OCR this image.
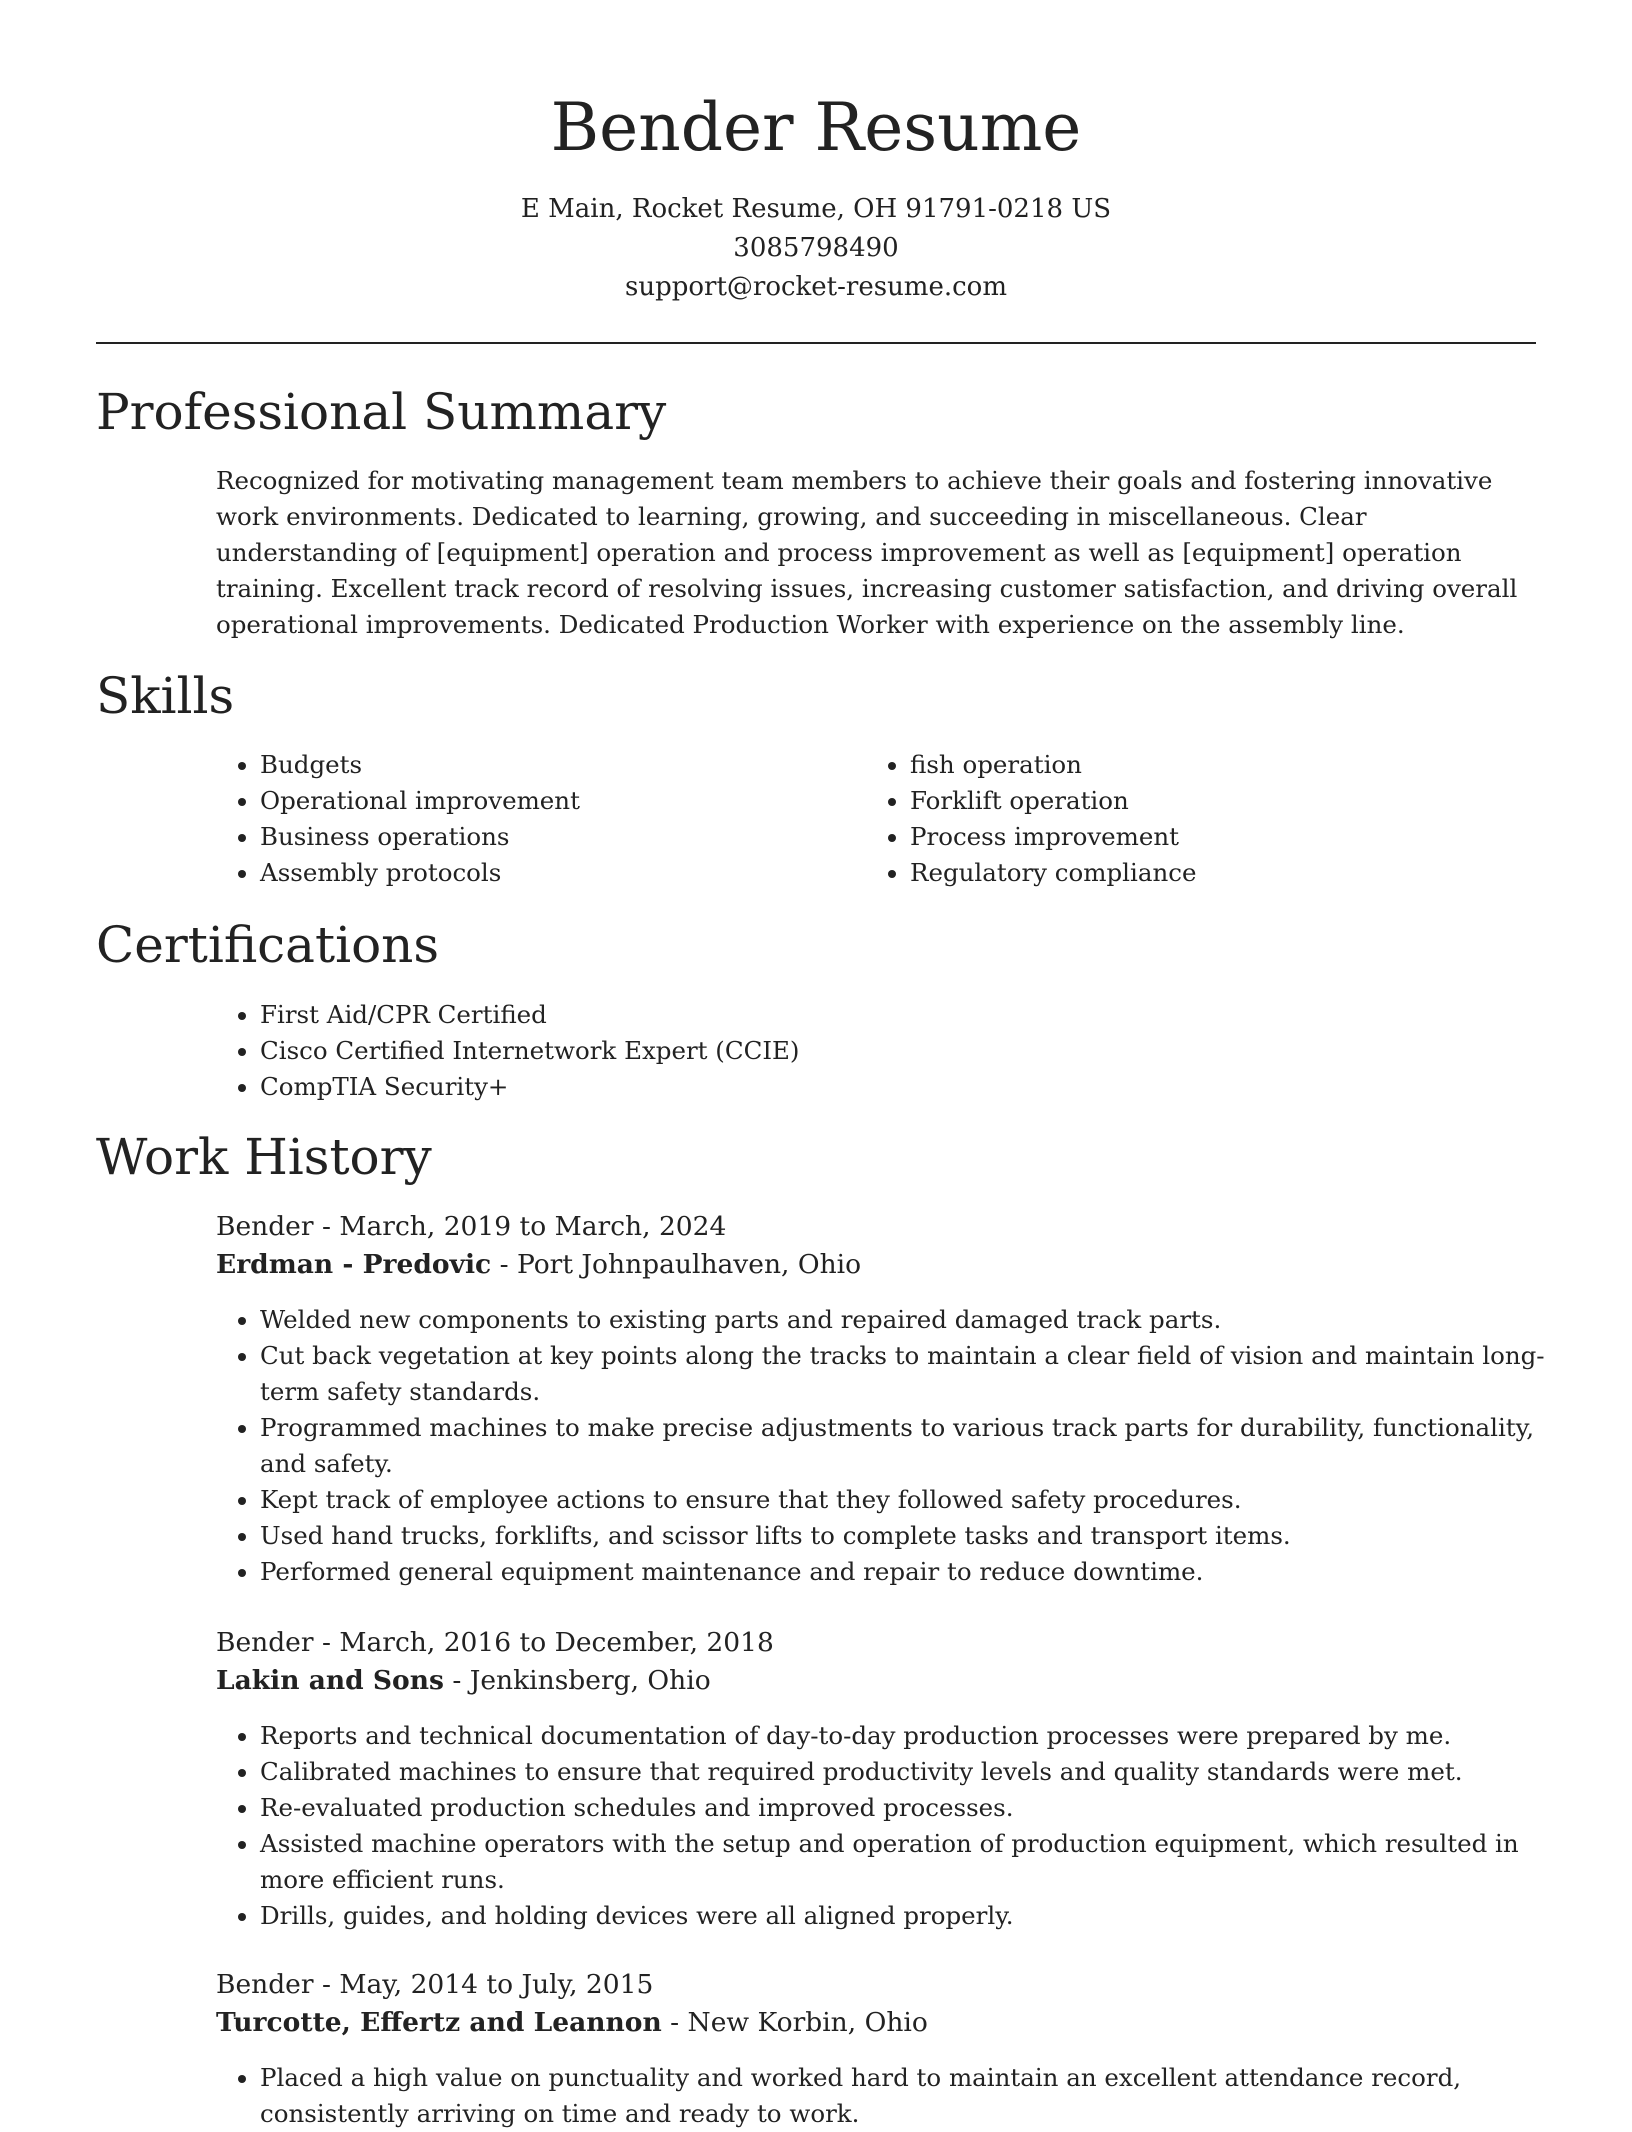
Bender Resume

E Main, Rocket Resume, OH 91791-0218 US

3085798490

support@rocket-resume.com

Professional Summary

Recognized for motivating management team members to achieve their goals and fostering innovative work environments. Dedicated to learning, growing, and succeeding in miscellaneous. Clear understanding of [equipment] operation and process improvement as well as [equipment] operation training. Excellent track record of resolving issues, increasing customer satisfaction, and driving overall operational improvements. Dedicated Production Worker with experience on the assembly line.

Skills
• Budgets
• Operational improvement
• Business operations
• Assembly protocols
• fish operation
• Forklift operation
• Process improvement
• Regulatory compliance
Certifications
• First Aid/CPR Certified
• Cisco Certified Internetwork Expert (CCIE)
• CompTIA Security+
Work History

Bender - March, 2019 to March, 2024

Erdman - Predovic - Port Johnpaulhaven, Ohio

• Welded new components to existing parts and repaired damaged track parts.
• Cut back vegetation at key points along the tracks to maintain a clear field of vision and maintain long-term safety standards.
• Programmed machines to make precise adjustments to various track parts for durability, functionality, and safety.
• Kept track of employee actions to ensure that they followed safety procedures.
• Used hand trucks, forklifts, and scissor lifts to complete tasks and transport items.
• Performed general equipment maintenance and repair to reduce downtime.

Bender - March, 2016 to December, 2018

Lakin and Sons - Jenkinsberg, Ohio

• Reports and technical documentation of day-to-day production processes were prepared by me.
• Calibrated machines to ensure that required productivity levels and quality standards were met.
• Re-evaluated production schedules and improved processes.
• Assisted machine operators with the setup and operation of production equipment, which resulted in more efficient runs.
• Drills, guides, and holding devices were all aligned properly.

Bender - May, 2014 to July, 2015

Turcotte, Effertz and Leannon - New Korbin, Ohio

• Placed a high value on punctuality and worked hard to maintain an excellent attendance record, consistently arriving on time and ready to work.
